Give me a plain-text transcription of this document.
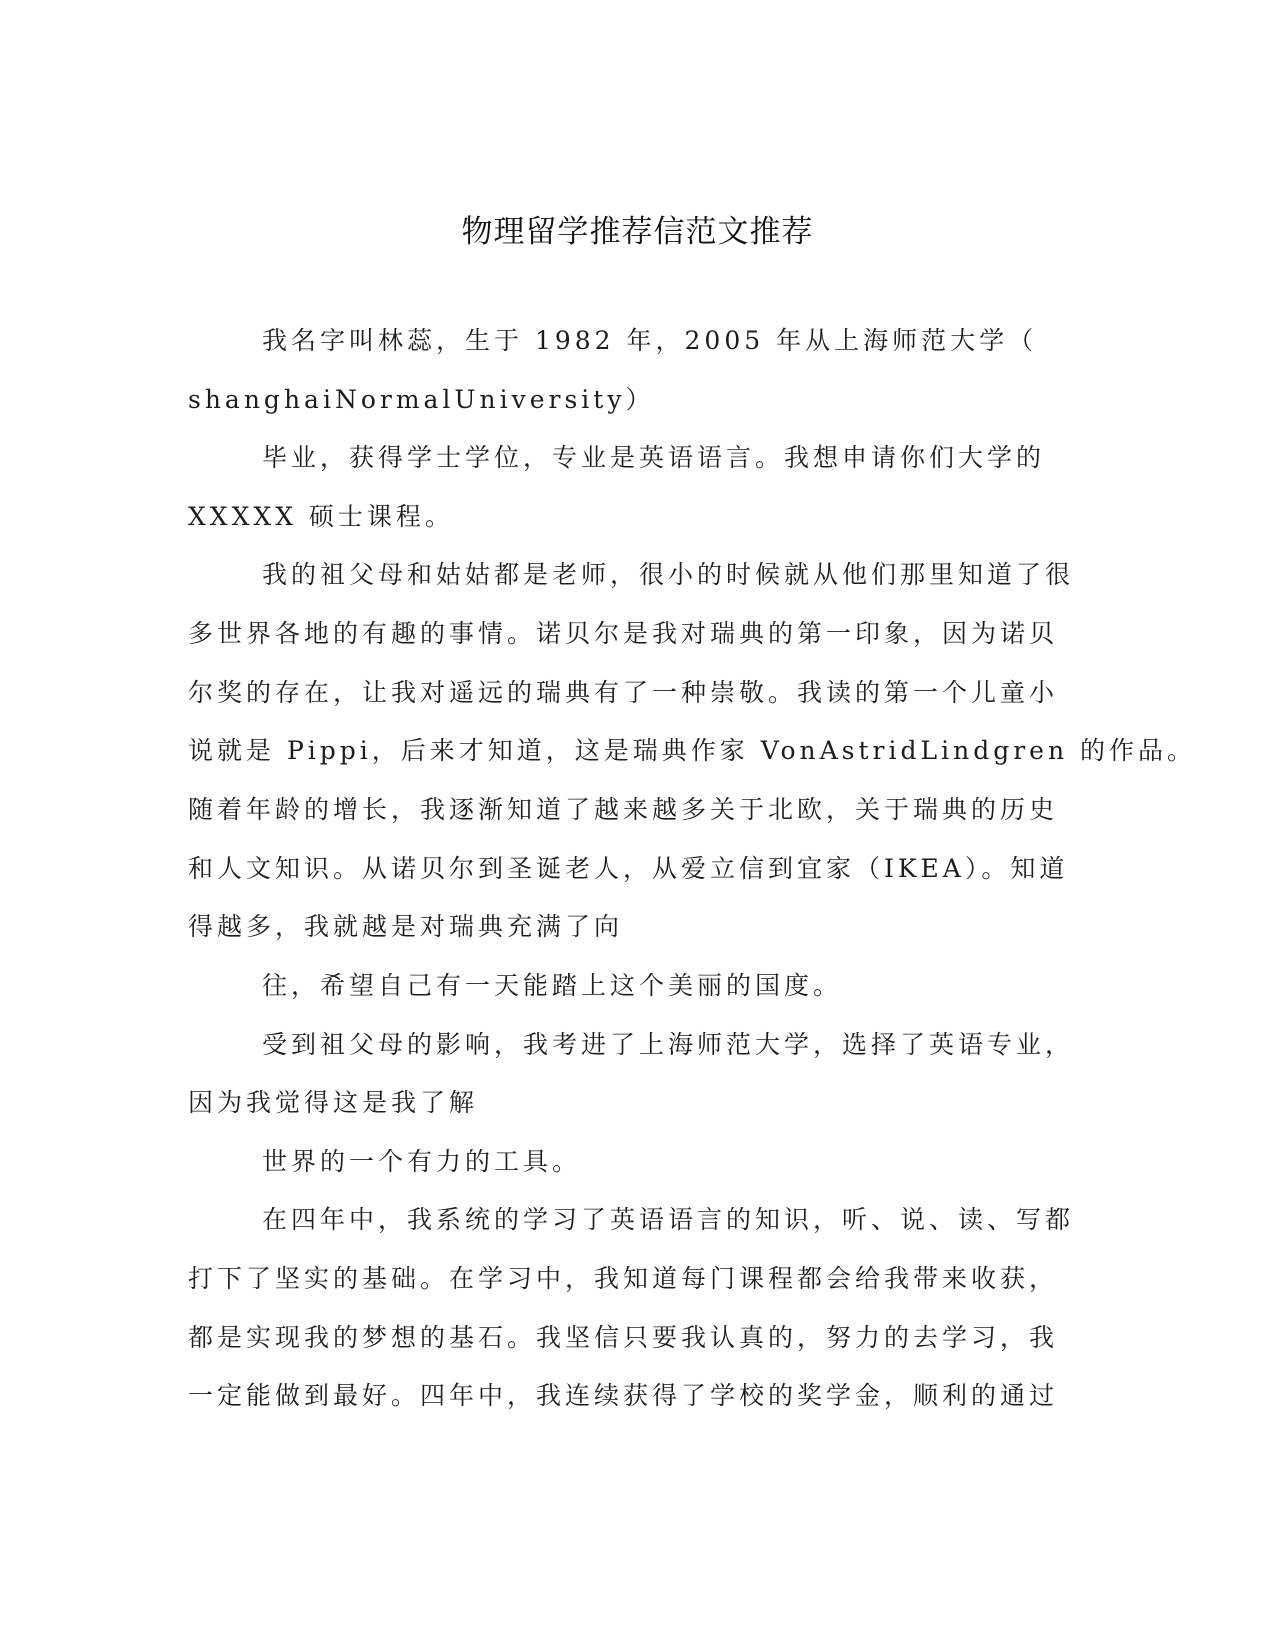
物理留学推荐信范文推荐
我名字叫林蕊，生于 1982 年，2005 年从上海师范大学（
shanghaiNormalUniversity）
毕业，获得学士学位，专业是英语语言。我想申请你们大学的
XXXXX 硕士课程。
我的祖父母和姑姑都是老师，很小的时候就从他们那里知道了很
多世界各地的有趣的事情。诺贝尔是我对瑞典的第一印象，因为诺贝
尔奖的存在，让我对遥远的瑞典有了一种崇敬。我读的第一个儿童小
说就是 Pippi，后来才知道，这是瑞典作家 VonAstridLindgren 的作品。
随着年龄的增长，我逐渐知道了越来越多关于北欧，关于瑞典的历史
和人文知识。从诺贝尔到圣诞老人，从爱立信到宜家（IKEA）。知道
得越多，我就越是对瑞典充满了向
往，希望自己有一天能踏上这个美丽的国度。
受到祖父母的影响，我考进了上海师范大学，选择了英语专业，
因为我觉得这是我了解
世界的一个有力的工具。
在四年中，我系统的学习了英语语言的知识，听、说、读、写都
打下了坚实的基础。在学习中，我知道每门课程都会给我带来收获，
都是实现我的梦想的基石。我坚信只要我认真的，努力的去学习，我
一定能做到最好。四年中，我连续获得了学校的奖学金，顺利的通过
